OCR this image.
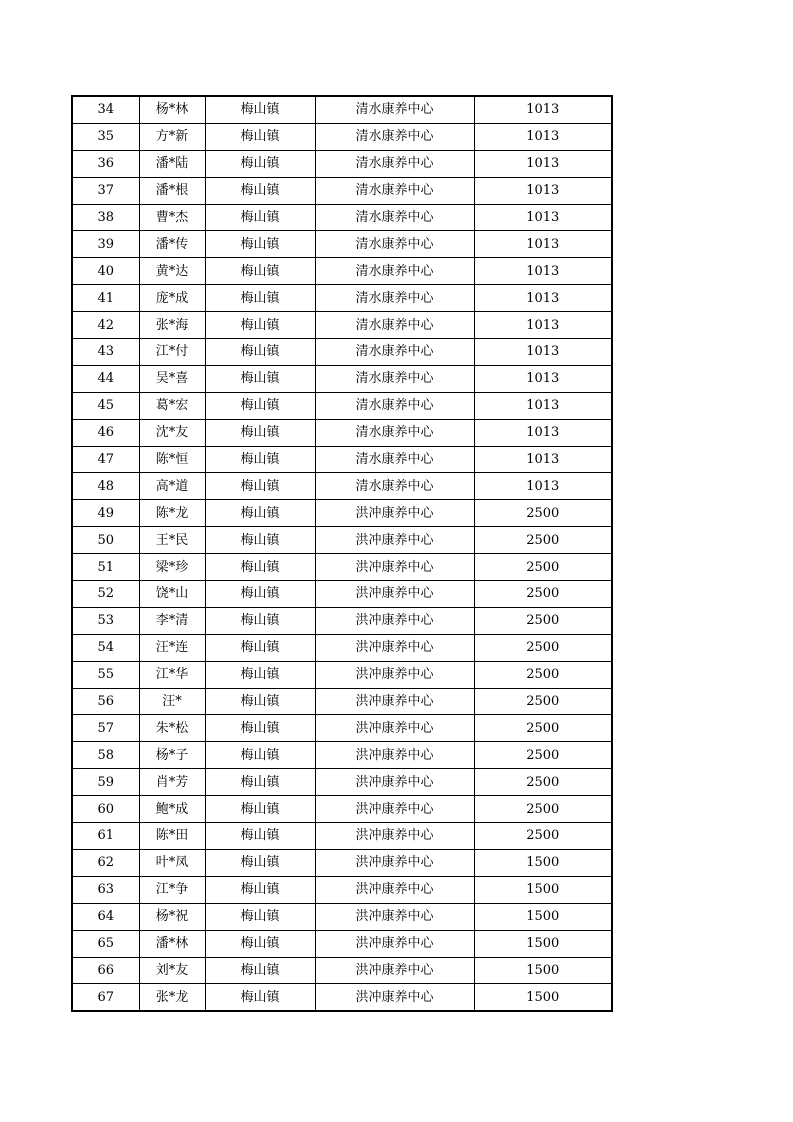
34	杨*林	梅山镇	清水康养中心	1013
35	方*新	梅山镇	清水康养中心	1013
36	潘*陆	梅山镇	清水康养中心	1013
37	潘*根	梅山镇	清水康养中心	1013
38	曹*杰	梅山镇	清水康养中心	1013
39	潘*传	梅山镇	清水康养中心	1013
40	黄*达	梅山镇	清水康养中心	1013
41	庞*成	梅山镇	清水康养中心	1013
42	张*海	梅山镇	清水康养中心	1013
43	江*付	梅山镇	清水康养中心	1013
44	吴*喜	梅山镇	清水康养中心	1013
45	葛*宏	梅山镇	清水康养中心	1013
46	沈*友	梅山镇	清水康养中心	1013
47	陈*恒	梅山镇	清水康养中心	1013
48	高*道	梅山镇	清水康养中心	1013
49	陈*龙	梅山镇	洪冲康养中心	2500
50	王*民	梅山镇	洪冲康养中心	2500
51	梁*珍	梅山镇	洪冲康养中心	2500
52	饶*山	梅山镇	洪冲康养中心	2500
53	李*清	梅山镇	洪冲康养中心	2500
54	汪*连	梅山镇	洪冲康养中心	2500
55	江*华	梅山镇	洪冲康养中心	2500
56	汪*	梅山镇	洪冲康养中心	2500
57	朱*松	梅山镇	洪冲康养中心	2500
58	杨*子	梅山镇	洪冲康养中心	2500
59	肖*芳	梅山镇	洪冲康养中心	2500
60	鲍*成	梅山镇	洪冲康养中心	2500
61	陈*田	梅山镇	洪冲康养中心	2500
62	叶*凤	梅山镇	洪冲康养中心	1500
63	江*争	梅山镇	洪冲康养中心	1500
64	杨*祝	梅山镇	洪冲康养中心	1500
65	潘*林	梅山镇	洪冲康养中心	1500
66	刘*友	梅山镇	洪冲康养中心	1500
67	张*龙	梅山镇	洪冲康养中心	1500
